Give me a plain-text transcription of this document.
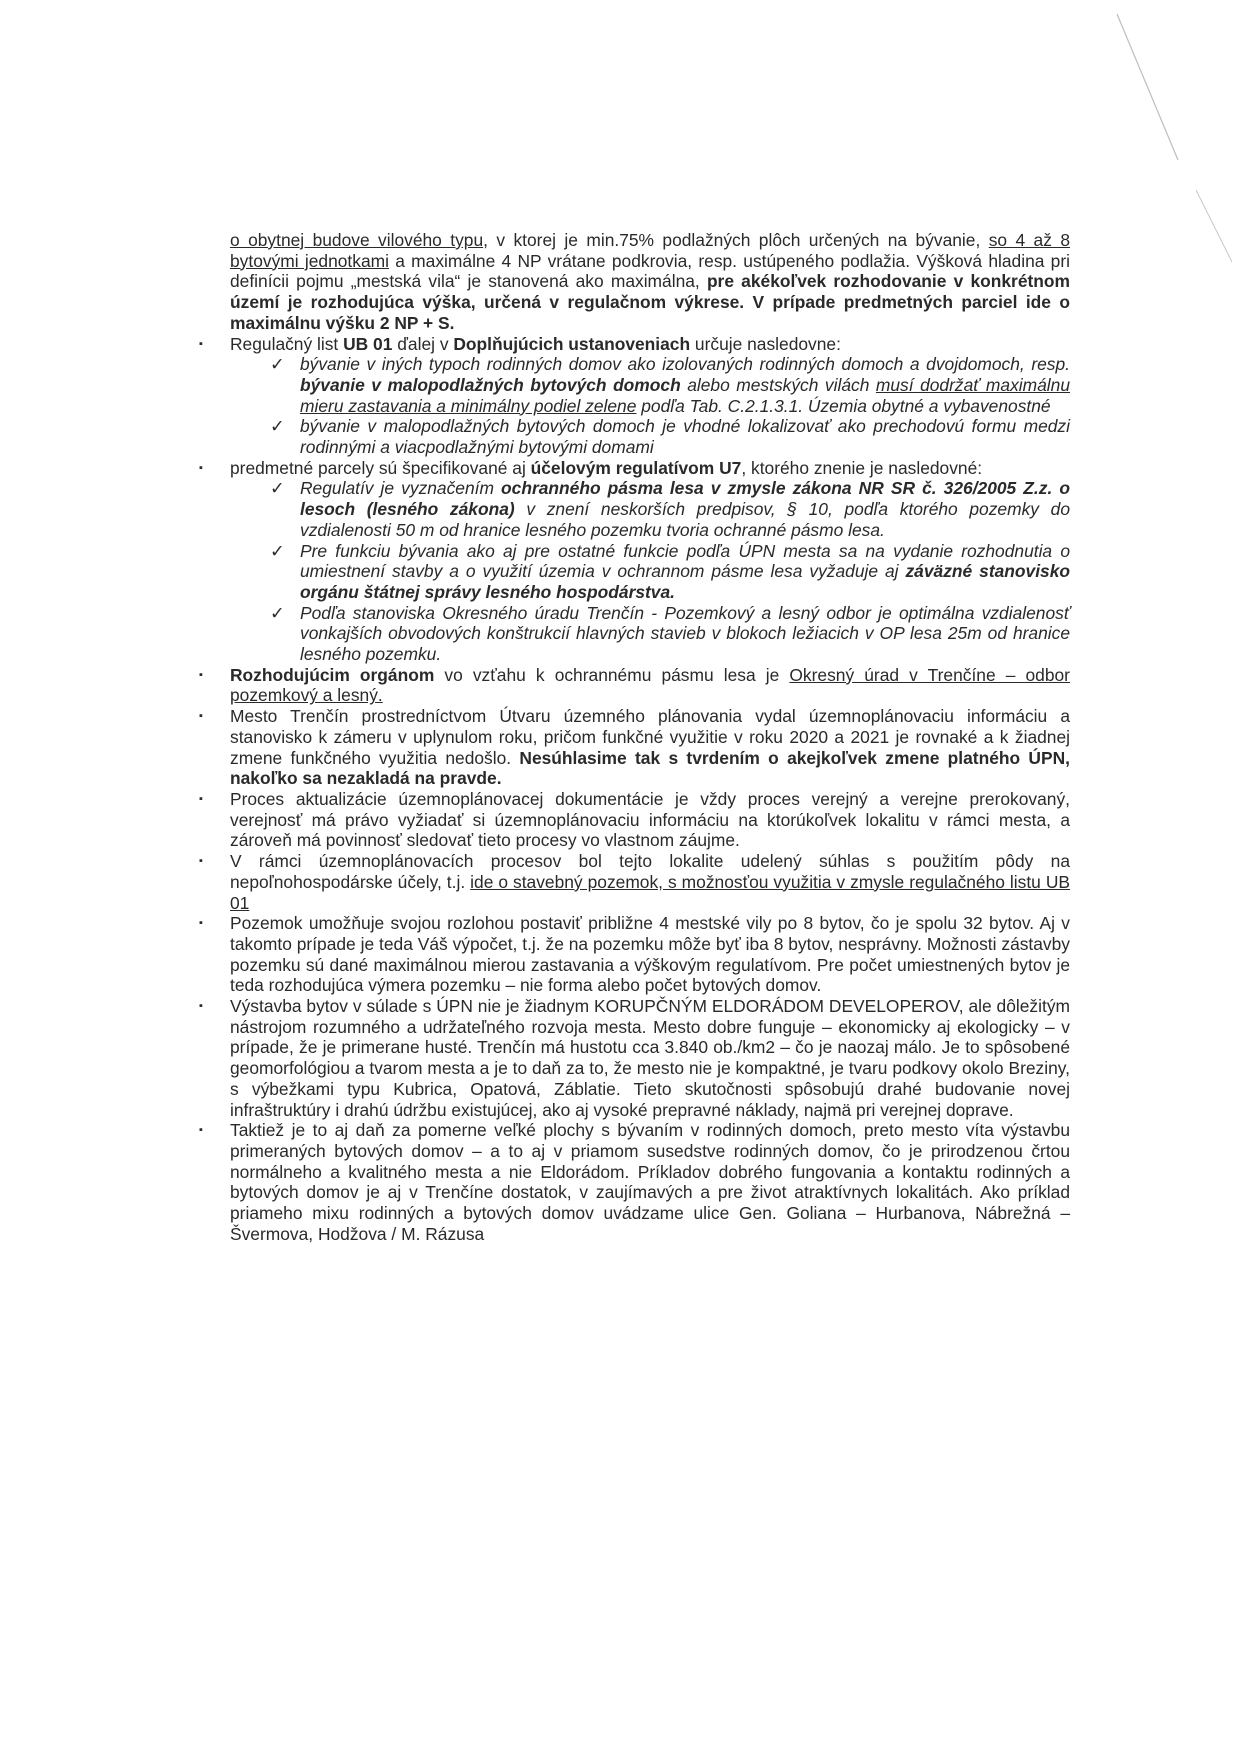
o obytnej budove vilového typu, v ktorej je min.75% podlažných plôch určených na bývanie, so 4 až 8 bytovými jednotkami a maximálne 4 NP vrátane podkrovia, resp. ustúpeného podlažia. Výšková hladina pri definícii pojmu „mestská vila“ je stanovená ako maximálna, pre akékoľvek rozhodovanie v konkrétnom území je rozhodujúca výška, určená v regulačnom výkrese. V prípade predmetných parciel ide o maximálnu výšku 2 NP + S.

▪ Regulačný list UB 01 ďalej v Doplňujúcich ustanoveniach určuje nasledovne:
✓ bývanie v iných typoch rodinných domov ako izolovaných rodinných domoch a dvojdomoch, resp. bývanie v malopodlažných bytových domoch alebo mestských vilách musí dodržať maximálnu mieru zastavania a minimálny podiel zelene podľa Tab. C.2.1.3.1. Územia obytné a vybavenostné
✓ bývanie v malopodlažných bytových domoch je vhodné lokalizovať ako prechodovú formu medzi rodinnými a viacpodlažnými bytovými domami
▪ predmetné parcely sú špecifikované aj účelovým regulatívom U7, ktorého znenie je nasledovné:
✓ Regulatív je vyznačením ochranného pásma lesa v zmysle zákona NR SR č. 326/2005 Z.z. o lesoch (lesného zákona) v znení neskorších predpisov, § 10, podľa ktorého pozemky do vzdialenosti 50 m od hranice lesného pozemku tvoria ochranné pásmo lesa.
✓ Pre funkciu bývania ako aj pre ostatné funkcie podľa ÚPN mesta sa na vydanie rozhodnutia o umiestnení stavby a o využití územia v ochrannom pásme lesa vyžaduje aj záväzné stanovisko orgánu štátnej správy lesného hospodárstva.
✓ Podľa stanoviska Okresného úradu Trenčín - Pozemkový a lesný odbor je optimálna vzdialenosť vonkajších obvodových konštrukcií hlavných stavieb v blokoch ležiacich v OP lesa 25m od hranice lesného pozemku.
▪ Rozhodujúcim orgánom vo vzťahu k ochrannému pásmu lesa je Okresný úrad v Trenčíne – odbor pozemkový a lesný.
▪ Mesto Trenčín prostredníctvom Útvaru územného plánovania vydal územnoplánovaciu informáciu a stanovisko k zámeru v uplynulom roku, pričom funkčné využitie v roku 2020 a 2021 je rovnaké a k žiadnej zmene funkčného využitia nedošlo. Nesúhlasime tak s tvrdením o akejkoľvek zmene platného ÚPN, nakoľko sa nezakladá na pravde.
▪ Proces aktualizácie územnoplánovacej dokumentácie je vždy proces verejný a verejne prerokovaný, verejnosť má právo vyžiadať si územnoplánovaciu informáciu na ktorúkoľvek lokalitu v rámci mesta, a zároveň má povinnosť sledovať tieto procesy vo vlastnom záujme.
▪ V rámci územnoplánovacích procesov bol tejto lokalite udelený súhlas s použitím pôdy na nepoľnohospodárske účely, t.j. ide o stavebný pozemok, s možnosťou využitia v zmysle regulačného listu UB 01
▪ Pozemok umožňuje svojou rozlohou postaviť približne 4 mestské vily po 8 bytov, čo je spolu 32 bytov. Aj v takomto prípade je teda Váš výpočet, t.j. že na pozemku môže byť iba 8 bytov, nesprávny. Možnosti zástavby pozemku sú dané maximálnou mierou zastavania a výškovým regulatívom. Pre počet umiestnených bytov je teda rozhodujúca výmera pozemku – nie forma alebo počet bytových domov.
▪ Výstavba bytov v súlade s ÚPN nie je žiadnym KORUPČNÝM ELDORÁDOM DEVELOPEROV, ale dôležitým nástrojom rozumného a udržateľného rozvoja mesta. Mesto dobre funguje – ekonomicky aj ekologicky – v prípade, že je primerane husté. Trenčín má hustotu cca 3.840 ob./km2 – čo je naozaj málo. Je to spôsobené geomorfológiou a tvarom mesta a je to daň za to, že mesto nie je kompaktné, je tvaru podkovy okolo Breziny, s výbežkami typu Kubrica, Opatová, Záblatie. Tieto skutočnosti spôsobujú drahé budovanie novej infraštruktúry i drahú údržbu existujúcej, ako aj vysoké prepravné náklady, najmä pri verejnej doprave.
▪ Taktiež je to aj daň za pomerne veľké plochy s bývaním v rodinných domoch, preto mesto víta výstavbu primeraných bytových domov – a to aj v priamom susedstve rodinných domov, čo je prirodzenou črtou normálneho a kvalitného mesta a nie Eldorádom. Príkladov dobrého fungovania a kontaktu rodinných a bytových domov je aj v Trenčíne dostatok, v zaujímavých a pre život atraktívnych lokalitách. Ako príklad priameho mixu rodinných a bytových domov uvádzame ulice Gen. Goliana – Hurbanova, Nábrežná – Švermova, Hodžova / M. Rázusa
